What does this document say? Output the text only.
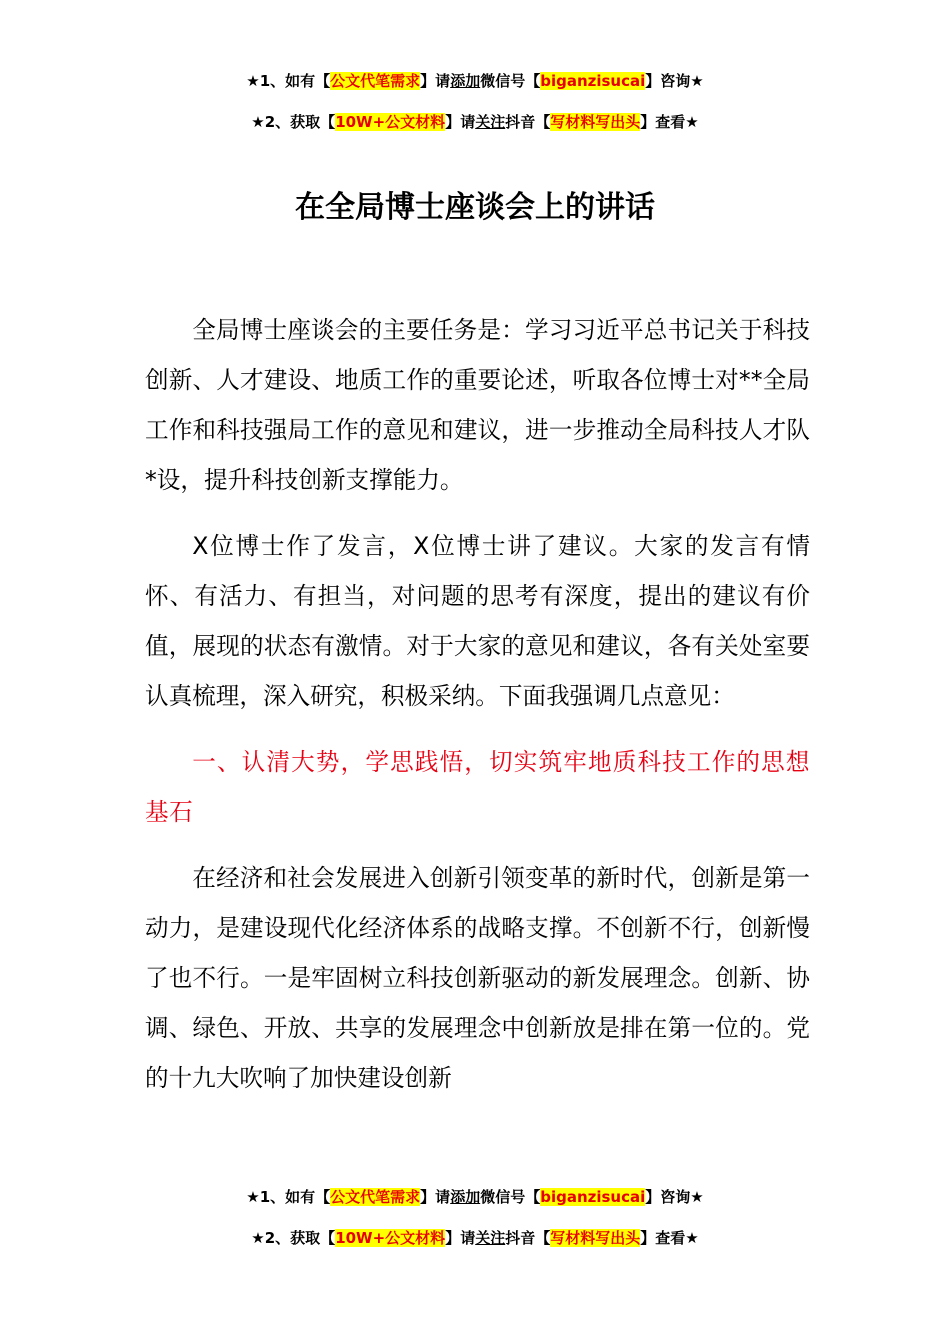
★1、如有【公文代笔需求】请添加微信号【biganzisucai】咨询★
★2、获取【10W+公文材料】请关注抖音【写材料写出头】查看★
在全局博士座谈会上的讲话

全局博士座谈会的主要任务是：学习习近平总书记关于科技创新、人才建设、地质工作的重要论述，听取各位博士对**全局工作和科技强局工作的意见和建议，进一步推动全局科技人才队*设，提升科技创新支撑能力。

X位博士作了发言，X位博士讲了建议。大家的发言有情怀、有活力、有担当，对问题的思考有深度，提出的建议有价值，展现的状态有激情。对于大家的意见和建议，各有关处室要认真梳理，深入研究，积极采纳。下面我强调几点意见：

一、认清大势，学思践悟，切实筑牢地质科技工作的思想基石

在经济和社会发展进入创新引领变革的新时代，创新是第一动力，是建设现代化经济体系的战略支撑。不创新不行，创新慢了也不行。一是牢固树立科技创新驱动的新发展理念。创新、协调、绿色、开放、共享的发展理念中创新放是排在第一位的。党的十九大吹响了加快建设创新

★1、如有【公文代笔需求】请添加微信号【biganzisucai】咨询★
★2、获取【10W+公文材料】请关注抖音【写材料写出头】查看★
